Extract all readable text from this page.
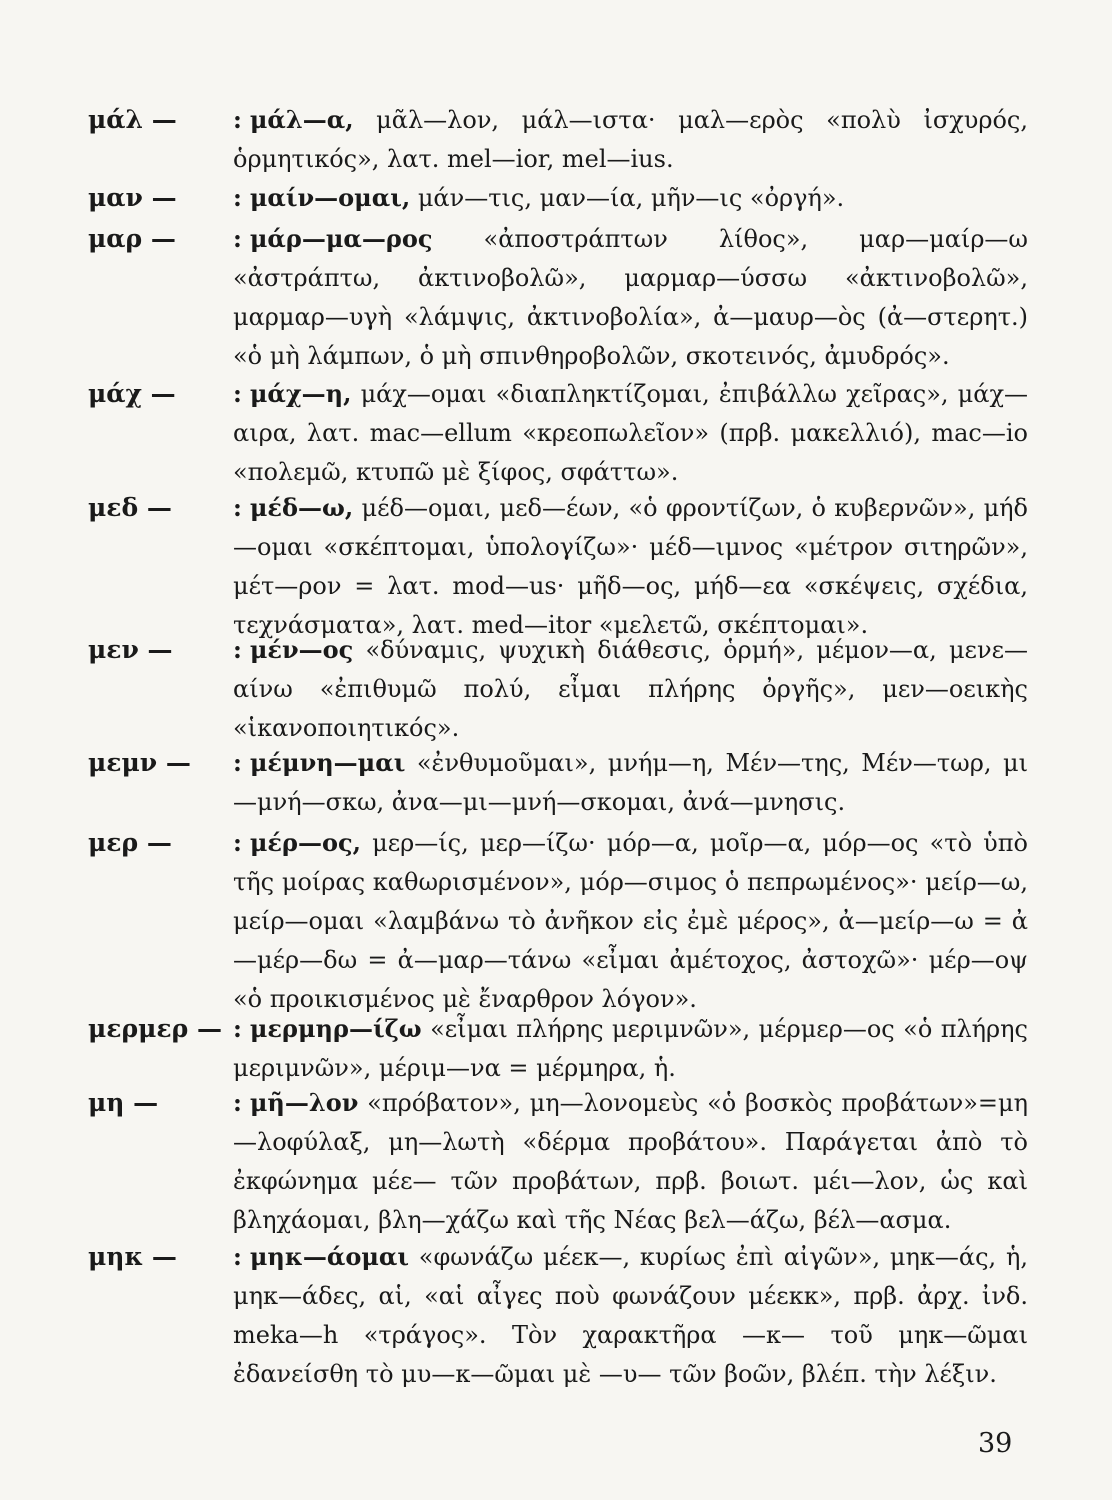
μάλ —	: μάλ—α, μᾶλ—λον, μάλ—ιστα· μαλ—ερὸς «πολὺ ἰσχυρός, ὁρμητικός», λατ. mel—ior, mel—ius.
μαν —	: μαίν—ομαι, μάν—τις, μαν—ία, μῆν—ις «ὀργή».
μαρ —	: μάρ—μα—ρος «ἀποστράπτων λίθος», μαρ—μαίρ—ω «ἀστράπτω, ἀκτινοβολῶ», μαρμαρ—ύσσω «ἀκτινοβολῶ», μαρμαρ—υγὴ «λάμψις, ἀκτινοβολία», ἀ—μαυρ—ὸς (ἀ—στερητ.) «ὁ μὴ λάμπων, ὁ μὴ σπινθηροβολῶν, σκοτεινός, ἀμυδρός».
μάχ —	: μάχ—η, μάχ—ομαι «διαπληκτίζομαι, ἐπιβάλλω χεῖρας», μάχ—αιρα, λατ. mac—ellum «κρεοπωλεῖον» (πρβ. μακελλιό), mac—io «πολεμῶ, κτυπῶ μὲ ξίφος, σφάττω».
μεδ —	: μέδ—ω, μέδ—ομαι, μεδ—έων, «ὁ φροντίζων, ὁ κυβερνῶν», μήδ—ομαι «σκέπτομαι, ὑπολογίζω»· μέδ—ιμνος «μέτρον σιτηρῶν», μέτ—ρον = λατ. mod—us· μῆδ—ος, μήδ—εα «σκέψεις, σχέδια, τεχνάσματα», λατ. med—itor «μελετῶ, σκέπτομαι».
μεν —	: μέν—ος «δύναμις, ψυχικὴ διάθεσις, ὁρμή», μέμον—α, μενε—αίνω «ἐπιθυμῶ πολύ, εἶμαι πλήρης ὀργῆς», μεν—οεικὴς «ἱκανοποιητικός».
μεμν —	: μέμνη—μαι «ἐνθυμοῦμαι», μνήμ—η, Μέν—της, Μέν—τωρ, μι—μνή—σκω, ἀνα—μι—μνή—σκομαι, ἀνά—μνησις.
μερ —	: μέρ—ος, μερ—ίς, μερ—ίζω· μόρ—α, μοῖρ—α, μόρ—ος «τὸ ὑπὸ τῆς μοίρας καθωρισμένον», μόρ—σιμος ὁ πεπρωμένος»· μείρ—ω, μείρ—ομαι «λαμβάνω τὸ ἀνῆκον εἰς ἐμὲ μέρος», ἀ—μείρ—ω = ἀ—μέρ—δω = ἀ—μαρ—τάνω «εἶμαι ἀμέτοχος, ἀστοχῶ»· μέρ—οψ «ὁ προικισμένος μὲ ἔναρθρον λόγον».
μερμερ — : μερμηρ—ίζω «εἶμαι πλήρης μεριμνῶν», μέρμερ—ος «ὁ πλήρης μεριμνῶν», μέριμ—να = μέρμηρα, ἡ.
μη —	: μῆ—λον «πρόβατον», μη—λονομεὺς «ὁ βοσκὸς προβάτων»=μη—λοφύλαξ, μη—λωτὴ «δέρμα προβάτου». Παράγεται ἀπὸ τὸ ἐκφώνημα μέε— τῶν προβάτων, πρβ. βοιωτ. μέι—λον, ὡς καὶ βληχάομαι, βλη—χάζω καὶ τῆς Νέας βελ—άζω, βέλ—ασμα.
μηκ —	: μηκ—άομαι «φωνάζω μέεκ—, κυρίως ἐπὶ αἰγῶν», μηκ—άς, ἡ, μηκ—άδες, αἱ, «αἱ αἶγες ποὺ φωνάζουν μέεκκ», πρβ. ἀρχ. ἰνδ. meka—h «τράγος». Τὸν χαρακτῆρα —κ— τοῦ μηκ—ῶμαι ἐδανείσθη τὸ μυ—κ—ῶμαι μὲ —υ— τῶν βοῶν, βλέπ. τὴν λέξιν.
39
